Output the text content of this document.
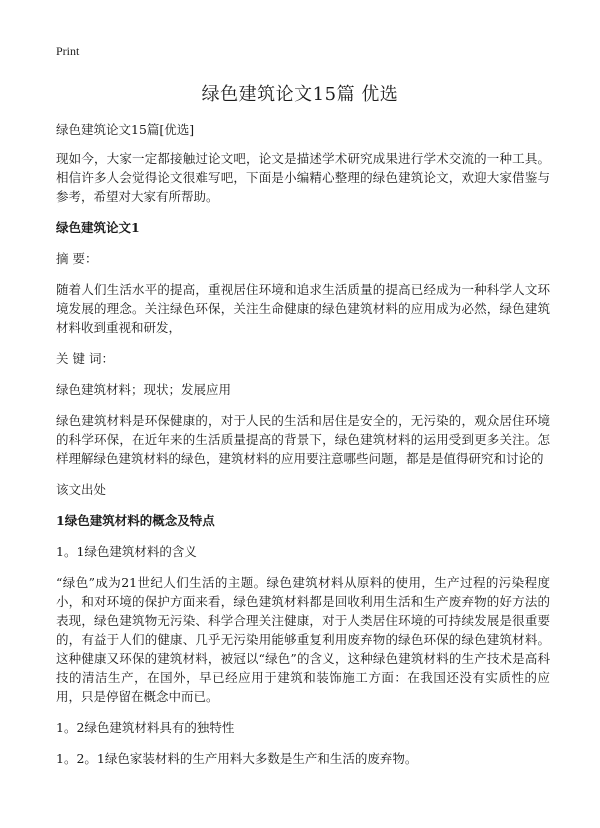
Print
绿色建筑论文15篇 优选

绿色建筑论文15篇[优选]

现如今，大家一定都接触过论文吧，论文是描述学术研究成果进行学术交流的一种工具。相信许多人会觉得论文很难写吧，下面是小编精心整理的绿色建筑论文，欢迎大家借鉴与参考，希望对大家有所帮助。

绿色建筑论文1

摘 要：

随着人们生活水平的提高，重视居住环境和追求生活质量的提高已经成为一种科学人文环境发展的理念。关注绿色环保，关注生命健康的绿色建筑材料的应用成为必然，绿色建筑材料收到重视和研发，

关 键 词：

绿色建筑材料；现状；发展应用

绿色建筑材料是环保健康的，对于人民的生活和居住是安全的，无污染的，观众居住环境的科学环保，在近年来的生活质量提高的背景下，绿色建筑材料的运用受到更多关注。怎样理解绿色建筑材料的绿色，建筑材料的应用要注意哪些问题，都是是值得研究和讨论的

该文出处

1绿色建筑材料的概念及特点

1。1绿色建筑材料的含义

“绿色”成为21世纪人们生活的主题。绿色建筑材料从原料的使用，生产过程的污染程度小，和对环境的保护方面来看，绿色建筑材料都是回收利用生活和生产废弃物的好方法的表现，绿色建筑物无污染、科学合理关注健康，对于人类居住环境的可持续发展是很重要的，有益于人们的健康、几乎无污染用能够重复利用废弃物的绿色环保的绿色建筑材料。这种健康又环保的建筑材料，被冠以“绿色”的含义，这种绿色建筑材料的生产技术是高科技的清洁生产，在国外，早已经应用于建筑和装饰施工方面：在我国还没有实质性的应用，只是停留在概念中而已。

1。2绿色建筑材料具有的独特性

1。2。1绿色家装材料的生产用料大多数是生产和生活的废弃物。
